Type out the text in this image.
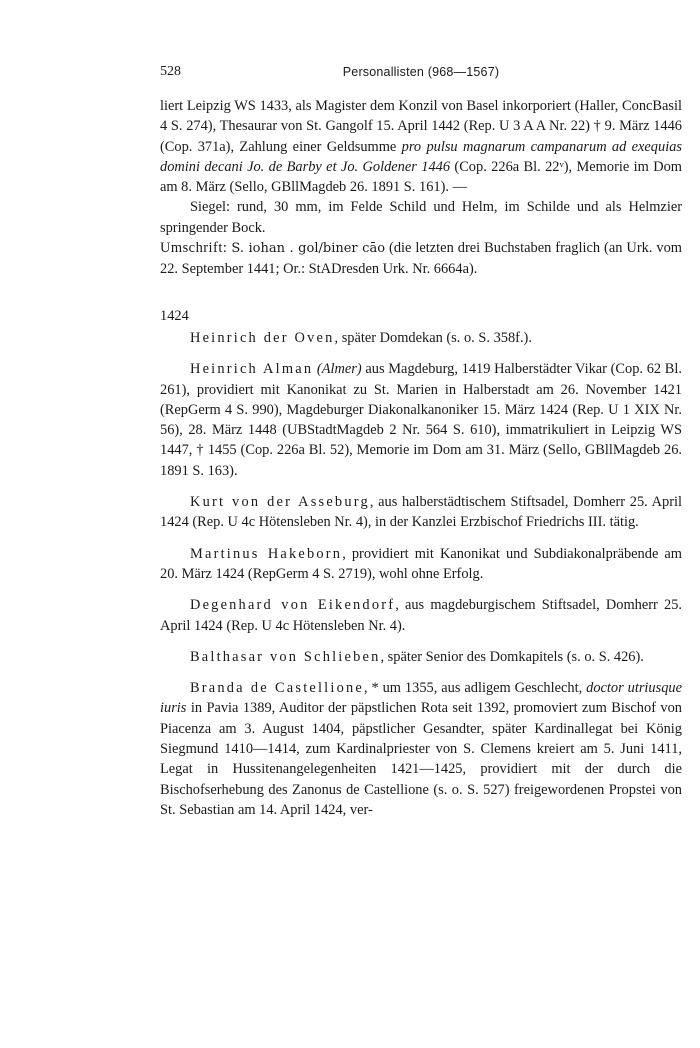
528	Personallisten (968—1567)

liert Leipzig WS 1433, als Magister dem Konzil von Basel inkorporiert (Haller, ConcBasil 4 S. 274), Thesaurar von St. Gangolf 15. April 1442 (Rep. U 3 A A Nr. 22) † 9. März 1446 (Cop. 371a), Zahlung einer Geldsumme pro pulsu magnarum campanarum ad exequias domini decani Jo. de Barby et Jo. Goldener 1446 (Cop. 226a Bl. 22ᵛ), Memorie im Dom am 8. März (Sello, GBllMagdeb 26. 1891 S. 161). —

Siegel: rund, 30 mm, im Felde Schild und Helm, im Schilde und als Helmzier springender Bock.

Umschrift: S. iohan . gol/biner cāo (die letzten drei Buchstaben fraglich (an Urk. vom 22. September 1441; Or.: StADresden Urk. Nr. 6664a).

1424

Heinrich der Oven, später Domdekan (s. o. S. 358f.).

Heinrich Alman (Almer) aus Magdeburg, 1419 Halberstädter Vikar (Cop. 62 Bl. 261), providiert mit Kanonikat zu St. Marien in Halberstadt am 26. November 1421 (RepGerm 4 S. 990), Magdeburger Diakonalkanoniker 15. März 1424 (Rep. U 1 XIX Nr. 56), 28. März 1448 (UBStadtMagdeb 2 Nr. 564 S. 610), immatrikuliert in Leipzig WS 1447, † 1455 (Cop. 226a Bl. 52), Memorie im Dom am 31. März (Sello, GBllMagdeb 26. 1891 S. 163).

Kurt von der Asseburg, aus halberstädtischem Stiftsadel, Domherr 25. April 1424 (Rep. U 4c Hötensleben Nr. 4), in der Kanzlei Erzbischof Friedrichs III. tätig.

Martinus Hakeborn, providiert mit Kanonikat und Subdiakonalpräbende am 20. März 1424 (RepGerm 4 S. 2719), wohl ohne Erfolg.

Degenhard von Eikendorf, aus magdeburgischem Stiftsadel, Domherr 25. April 1424 (Rep. U 4c Hötensleben Nr. 4).

Balthasar von Schlieben, später Senior des Domkapitels (s. o. S. 426).

Branda de Castellione, * um 1355, aus adligem Geschlecht, doctor utriusque iuris in Pavia 1389, Auditor der päpstlichen Rota seit 1392, promoviert zum Bischof von Piacenza am 3. August 1404, päpstlicher Gesandter, später Kardinallegat bei König Siegmund 1410—1414, zum Kardinalpriester von S. Clemens kreiert am 5. Juni 1411, Legat in Hussitenangelegenheiten 1421—1425, providiert mit der durch die Bischofserhebung des Zanonus de Castellione (s. o. S. 527) freigewordenen Propstei von St. Sebastian am 14. April 1424, ver-
